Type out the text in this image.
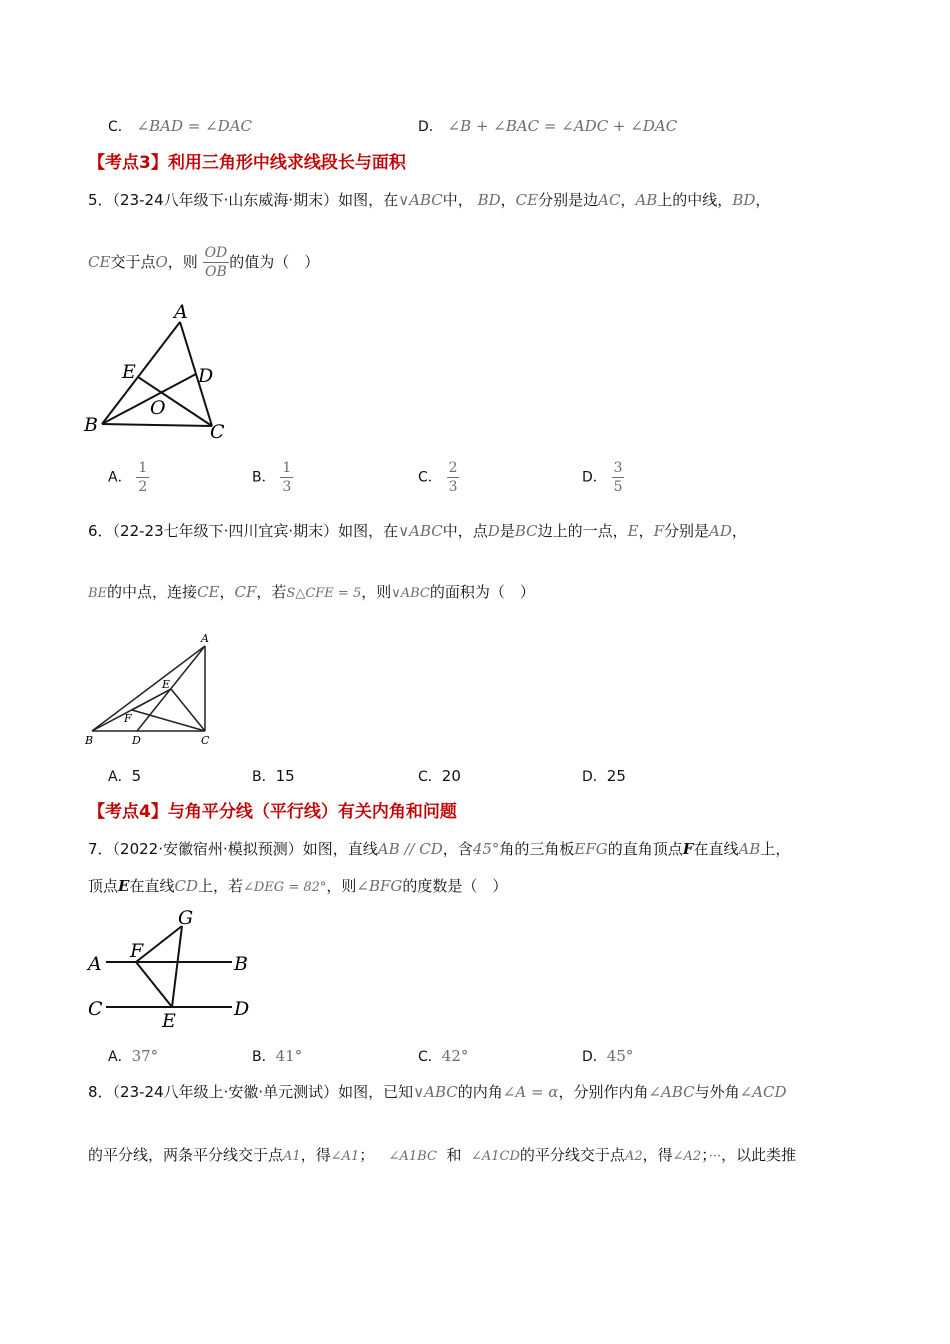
C． ∠BAD = ∠DAC	D． ∠B + ∠BAC = ∠ADC + ∠DAC
【考点3】利用三角形中线求线段长与面积
5．（23-24八年级下·山东威海·期末）如图，在∨ABC中， BD，CE分别是边AC，AB上的中线，BD，
CE交于点O，则 $\frac{OD}{OB}$ 的值为（　）
A
B	C
D
E
O
A． $\frac{1}{2}$	B． $\frac{1}{3}$	C． $\frac{2}{3}$	D． $\frac{3}{5}$
6．（22-23七年级下·四川宜宾·期末）如图，在∨ABC中，点D是BC边上的一点，E，F分别是AD，
BE的中点，连接CE，CF，若S△CFE = 5，则∨ABC的面积为（　）
A
B	C
D
E
F
A．5	B．15	C．20	D．25
【考点4】与角平分线（平行线）有关内角和问题
7．（2022·安徽宿州·模拟预测）如图，直线AB // CD，含45°角的三角板EFG的直角顶点F在直线AB上，
顶点E在直线CD上，若∠DEG = 82°，则∠BFG的度数是（　）
A	B
C	D
E
F
G
A．37°	B．41°	C．42°	D．45°
8．（23-24八年级上·安徽·单元测试）如图，已知∨ABC的内角∠A = α，分别作内角∠ABC与外角∠ACD
的平分线，两条平分线交于点A1，得∠A1； ∠A1BC 和 ∠A1CD的平分线交于点A2，得∠A2；···，以此类推
